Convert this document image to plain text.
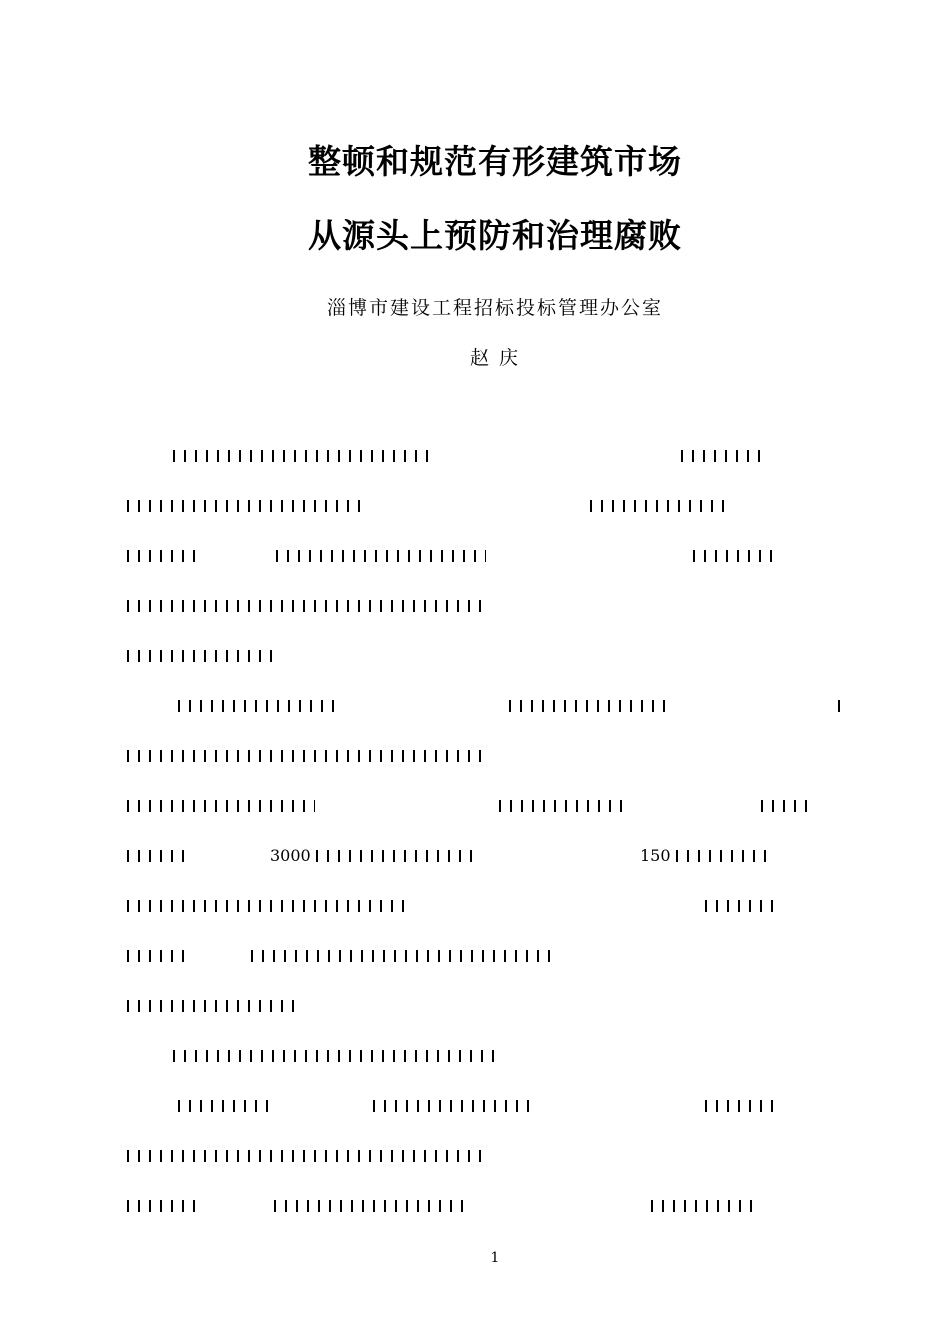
整顿和规范有形建筑市场
从源头上预防和治理腐败
淄博市建设工程招标投标管理办公室
赵 庆
3000	150
1
